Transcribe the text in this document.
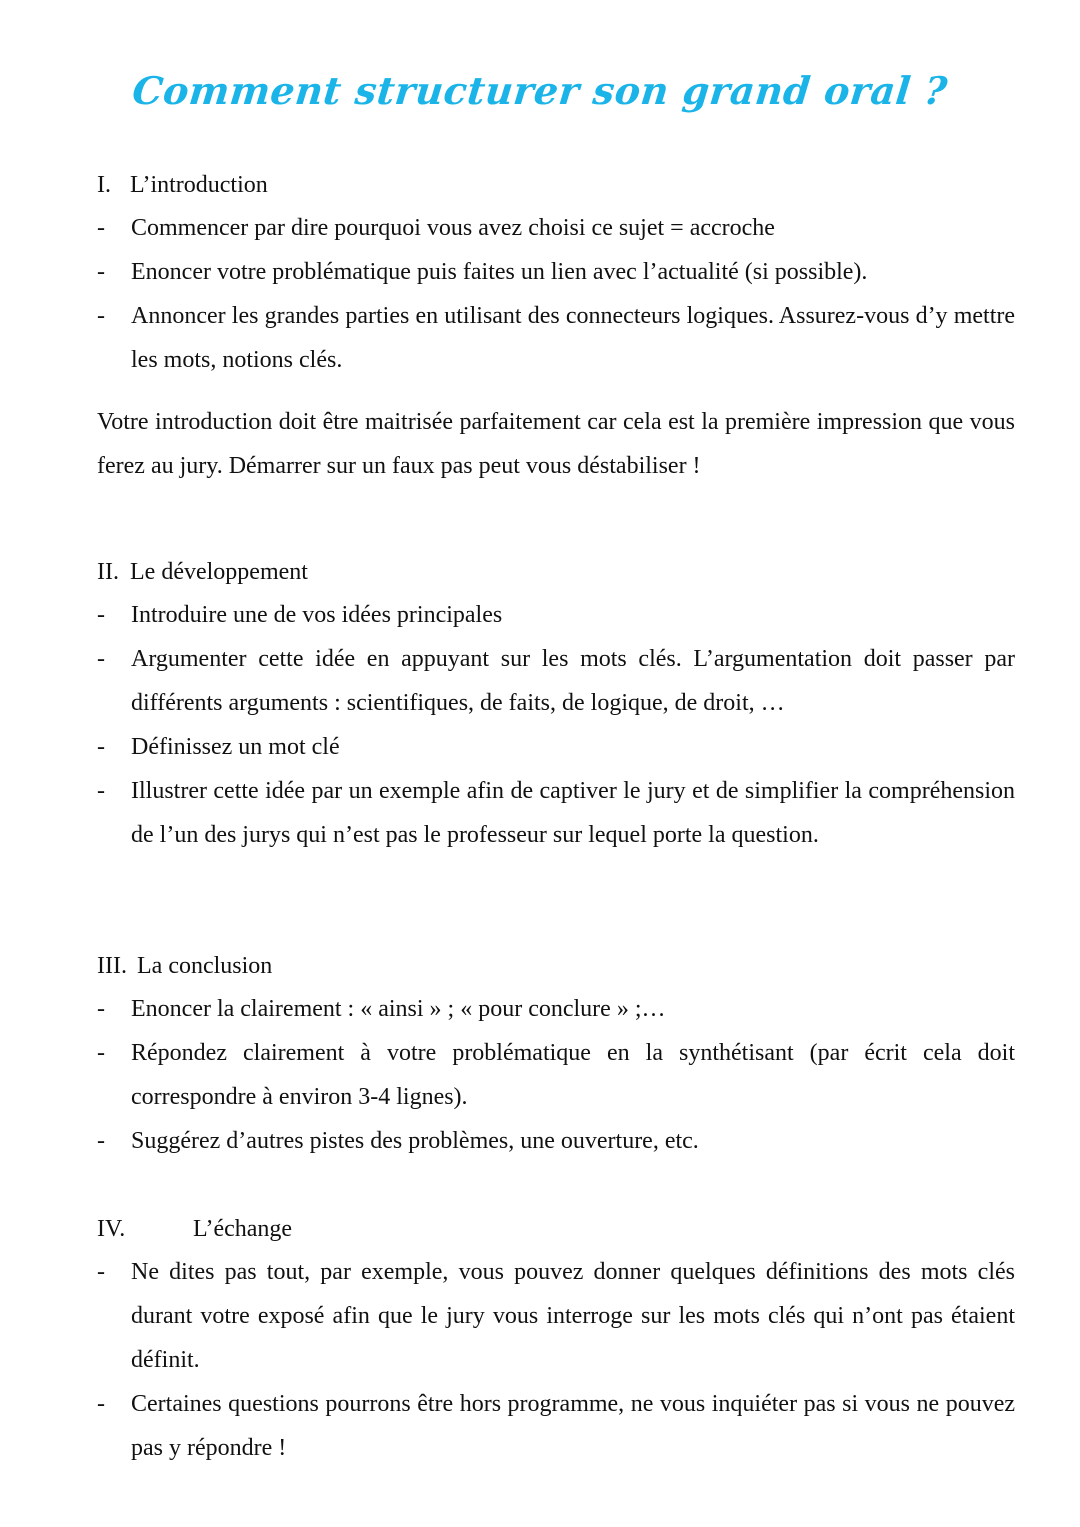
Comment structurer son grand oral ?
I. L’introduction
- Commencer par dire pourquoi vous avez choisi ce sujet = accroche
- Enoncer votre problématique puis faites un lien avec l’actualité (si possible).
- Annoncer les grandes parties en utilisant des connecteurs logiques. Assurez-vous d’y mettre les mots, notions clés.
Votre introduction doit être maitrisée parfaitement car cela est la première impression que vous ferez au jury. Démarrer sur un faux pas peut vous déstabiliser !
II. Le développement
- Introduire une de vos idées principales
- Argumenter cette idée en appuyant sur les mots clés. L’argumentation doit passer par différents arguments : scientifiques, de faits, de logique, de droit, …
- Définissez un mot clé
- Illustrer cette idée par un exemple afin de captiver le jury et de simplifier la compréhension de l’un des jurys qui n’est pas le professeur sur lequel porte la question.
III. La conclusion
- Enoncer la clairement : « ainsi » ; « pour conclure » ;…
- Répondez clairement à votre problématique en la synthétisant (par écrit cela doit correspondre à environ 3-4 lignes).
- Suggérez d’autres pistes des problèmes, une ouverture, etc.
IV.	L’échange
- Ne dites pas tout, par exemple, vous pouvez donner quelques définitions des mots clés durant votre exposé afin que le jury vous interroge sur les mots clés qui n’ont pas étaient définit.
- Certaines questions pourrons être hors programme, ne vous inquiéter pas si vous ne pouvez pas y répondre !
